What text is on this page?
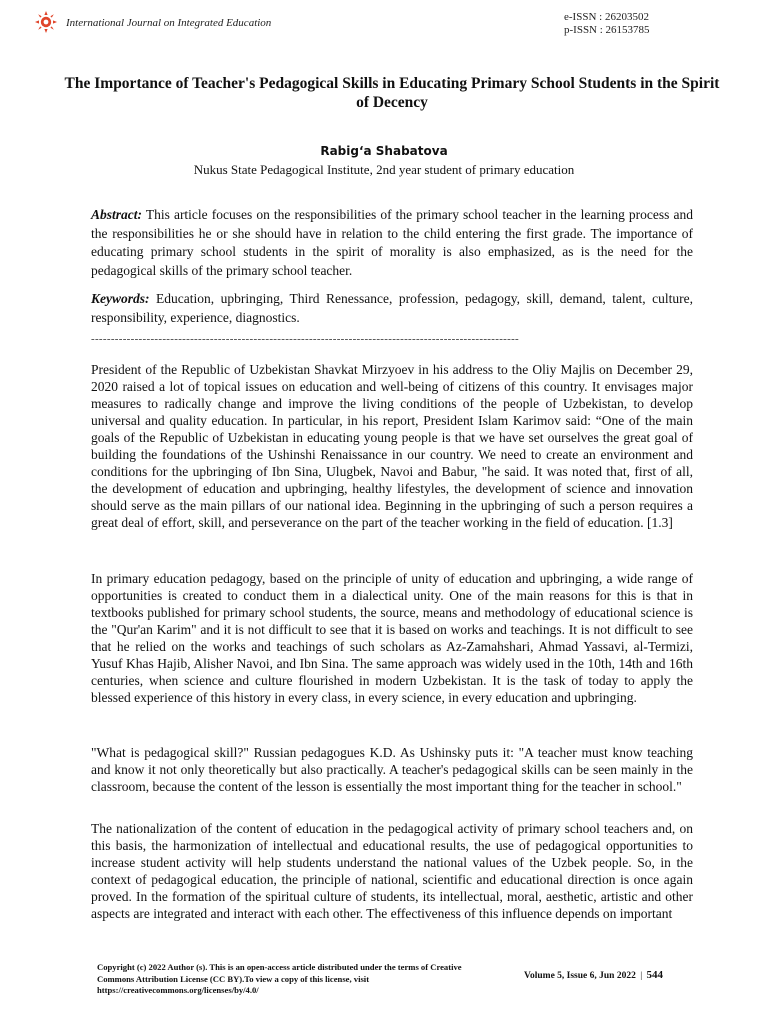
International Journal on Integrated Education	e-ISSN : 26203502
p-ISSN : 26153785
The Importance of Teacher's Pedagogical Skills in Educating Primary School Students in the Spirit of Decency
Rabig‘a Shabatova
Nukus State Pedagogical Institute, 2nd year student of primary education
Abstract: This article focuses on the responsibilities of the primary school teacher in the learning process and the responsibilities he or she should have in relation to the child entering the first grade. The importance of educating primary school students in the spirit of morality is also emphasized, as is the need for the pedagogical skills of the primary school teacher.
Keywords: Education, upbringing, Third Renessance, profession, pedagogy, skill, demand, talent, culture, responsibility, experience, diagnostics.
------------------------------------------------------------------------------------------------------------
President of the Republic of Uzbekistan Shavkat Mirzyoev in his address to the Oliy Majlis on December 29, 2020 raised a lot of topical issues on education and well-being of citizens of this country. It envisages major measures to radically change and improve the living conditions of the people of Uzbekistan, to develop universal and quality education. In particular, in his report, President Islam Karimov said: “One of the main goals of the Republic of Uzbekistan in educating young people is that we have set ourselves the great goal of building the foundations of the Ushinshi Renaissance in our country. We need to create an environment and conditions for the upbringing of Ibn Sina, Ulugbek, Navoi and Babur, "he said. It was noted that, first of all, the development of education and upbringing, healthy lifestyles, the development of science and innovation should serve as the main pillars of our national idea. Beginning in the upbringing of such a person requires a great deal of effort, skill, and perseverance on the part of the teacher working in the field of education. [1.3]
In primary education pedagogy, based on the principle of unity of education and upbringing, a wide range of opportunities is created to conduct them in a dialectical unity. One of the main reasons for this is that in textbooks published for primary school students, the source, means and methodology of educational science is the "Qur'an Karim" and it is not difficult to see that it is based on works and teachings. It is not difficult to see that he relied on the works and teachings of such scholars as Az-Zamahshari, Ahmad Yassavi, al-Termizi, Yusuf Khas Hajib, Alisher Navoi, and Ibn Sina. The same approach was widely used in the 10th, 14th and 16th centuries, when science and culture flourished in modern Uzbekistan. It is the task of today to apply the blessed experience of this history in every class, in every science, in every education and upbringing.
"What is pedagogical skill?" Russian pedagogues K.D. As Ushinsky puts it: "A teacher must know teaching and know it not only theoretically but also practically. A teacher's pedagogical skills can be seen mainly in the classroom, because the content of the lesson is essentially the most important thing for the teacher in school."
The nationalization of the content of education in the pedagogical activity of primary school teachers and, on this basis, the harmonization of intellectual and educational results, the use of pedagogical opportunities to increase student activity will help students understand the national values of the Uzbek people. So, in the context of pedagogical education, the principle of national, scientific and educational direction is once again proved. In the formation of the spiritual culture of students, its intellectual, moral, aesthetic, artistic and other aspects are integrated and interact with each other. The effectiveness of this influence depends on important
Copyright (c) 2022 Author (s). This is an open-access article distributed under the terms of Creative Commons Attribution License (CC BY).To view a copy of this license, visit https://creativecommons.org/licenses/by/4.0/
Volume 5, Issue 6, Jun 2022 | 544
